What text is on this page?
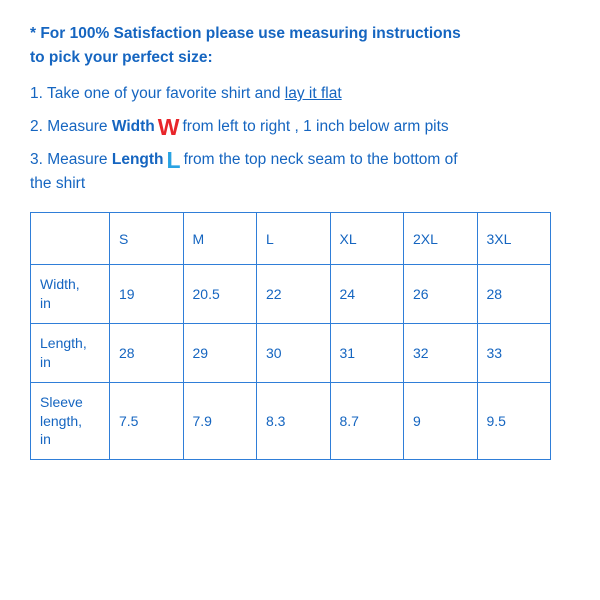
* For 100% Satisfaction please use measuring instructions
to pick your perfect size:

1. Take one of your favorite shirt and lay it flat

2. Measure Width W from left to right , 1 inch below arm pits

3. Measure Length L from the top neck seam to the bottom of
the shirt

	S	M	L	XL	2XL	3XL
Width,
in	19	20.5	22	24	26	28
Length,
in	28	29	30	31	32	33
Sleeve
length,
in	7.5	7.9	8.3	8.7	9	9.5
